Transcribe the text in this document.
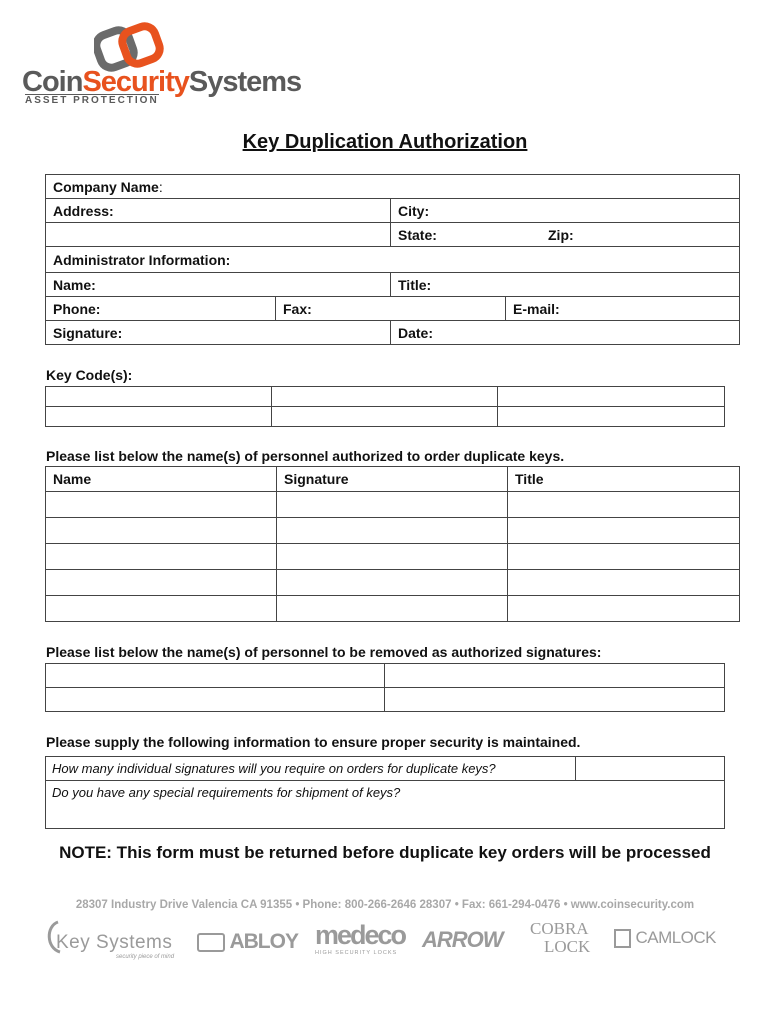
CoinSecuritySystems
ASSET PROTECTION
Key Duplication Authorization
Company Name:			
Address:		City:	
		State: Zip:	
Administrator Information:			
Name:		Title:	
Phone:	Fax:		E-mail:
Signature:		Date:	
Key Code(s):

Please list below the name(s) of personnel authorized to order duplicate keys.
Name	Signature	Title

Please list below the name(s) of personnel to be removed as authorized signatures:

Please supply the following information to ensure proper security is maintained.
How many individual signatures will you require on orders for duplicate keys?	
Do you have any special requirements for shipment of keys?

NOTE: This form must be returned before duplicate key orders will be processed
28307 Industry Drive Valencia CA 91355 • Phone: 800-266-2646 28307 • Fax: 661-294-0476 • www.coinsecurity.com
Key Systems
security piece of mind
ABLOY medeco
HIGH SECURITY LOCKS
ARROW COBRA
LOCK	CAMLOCK
